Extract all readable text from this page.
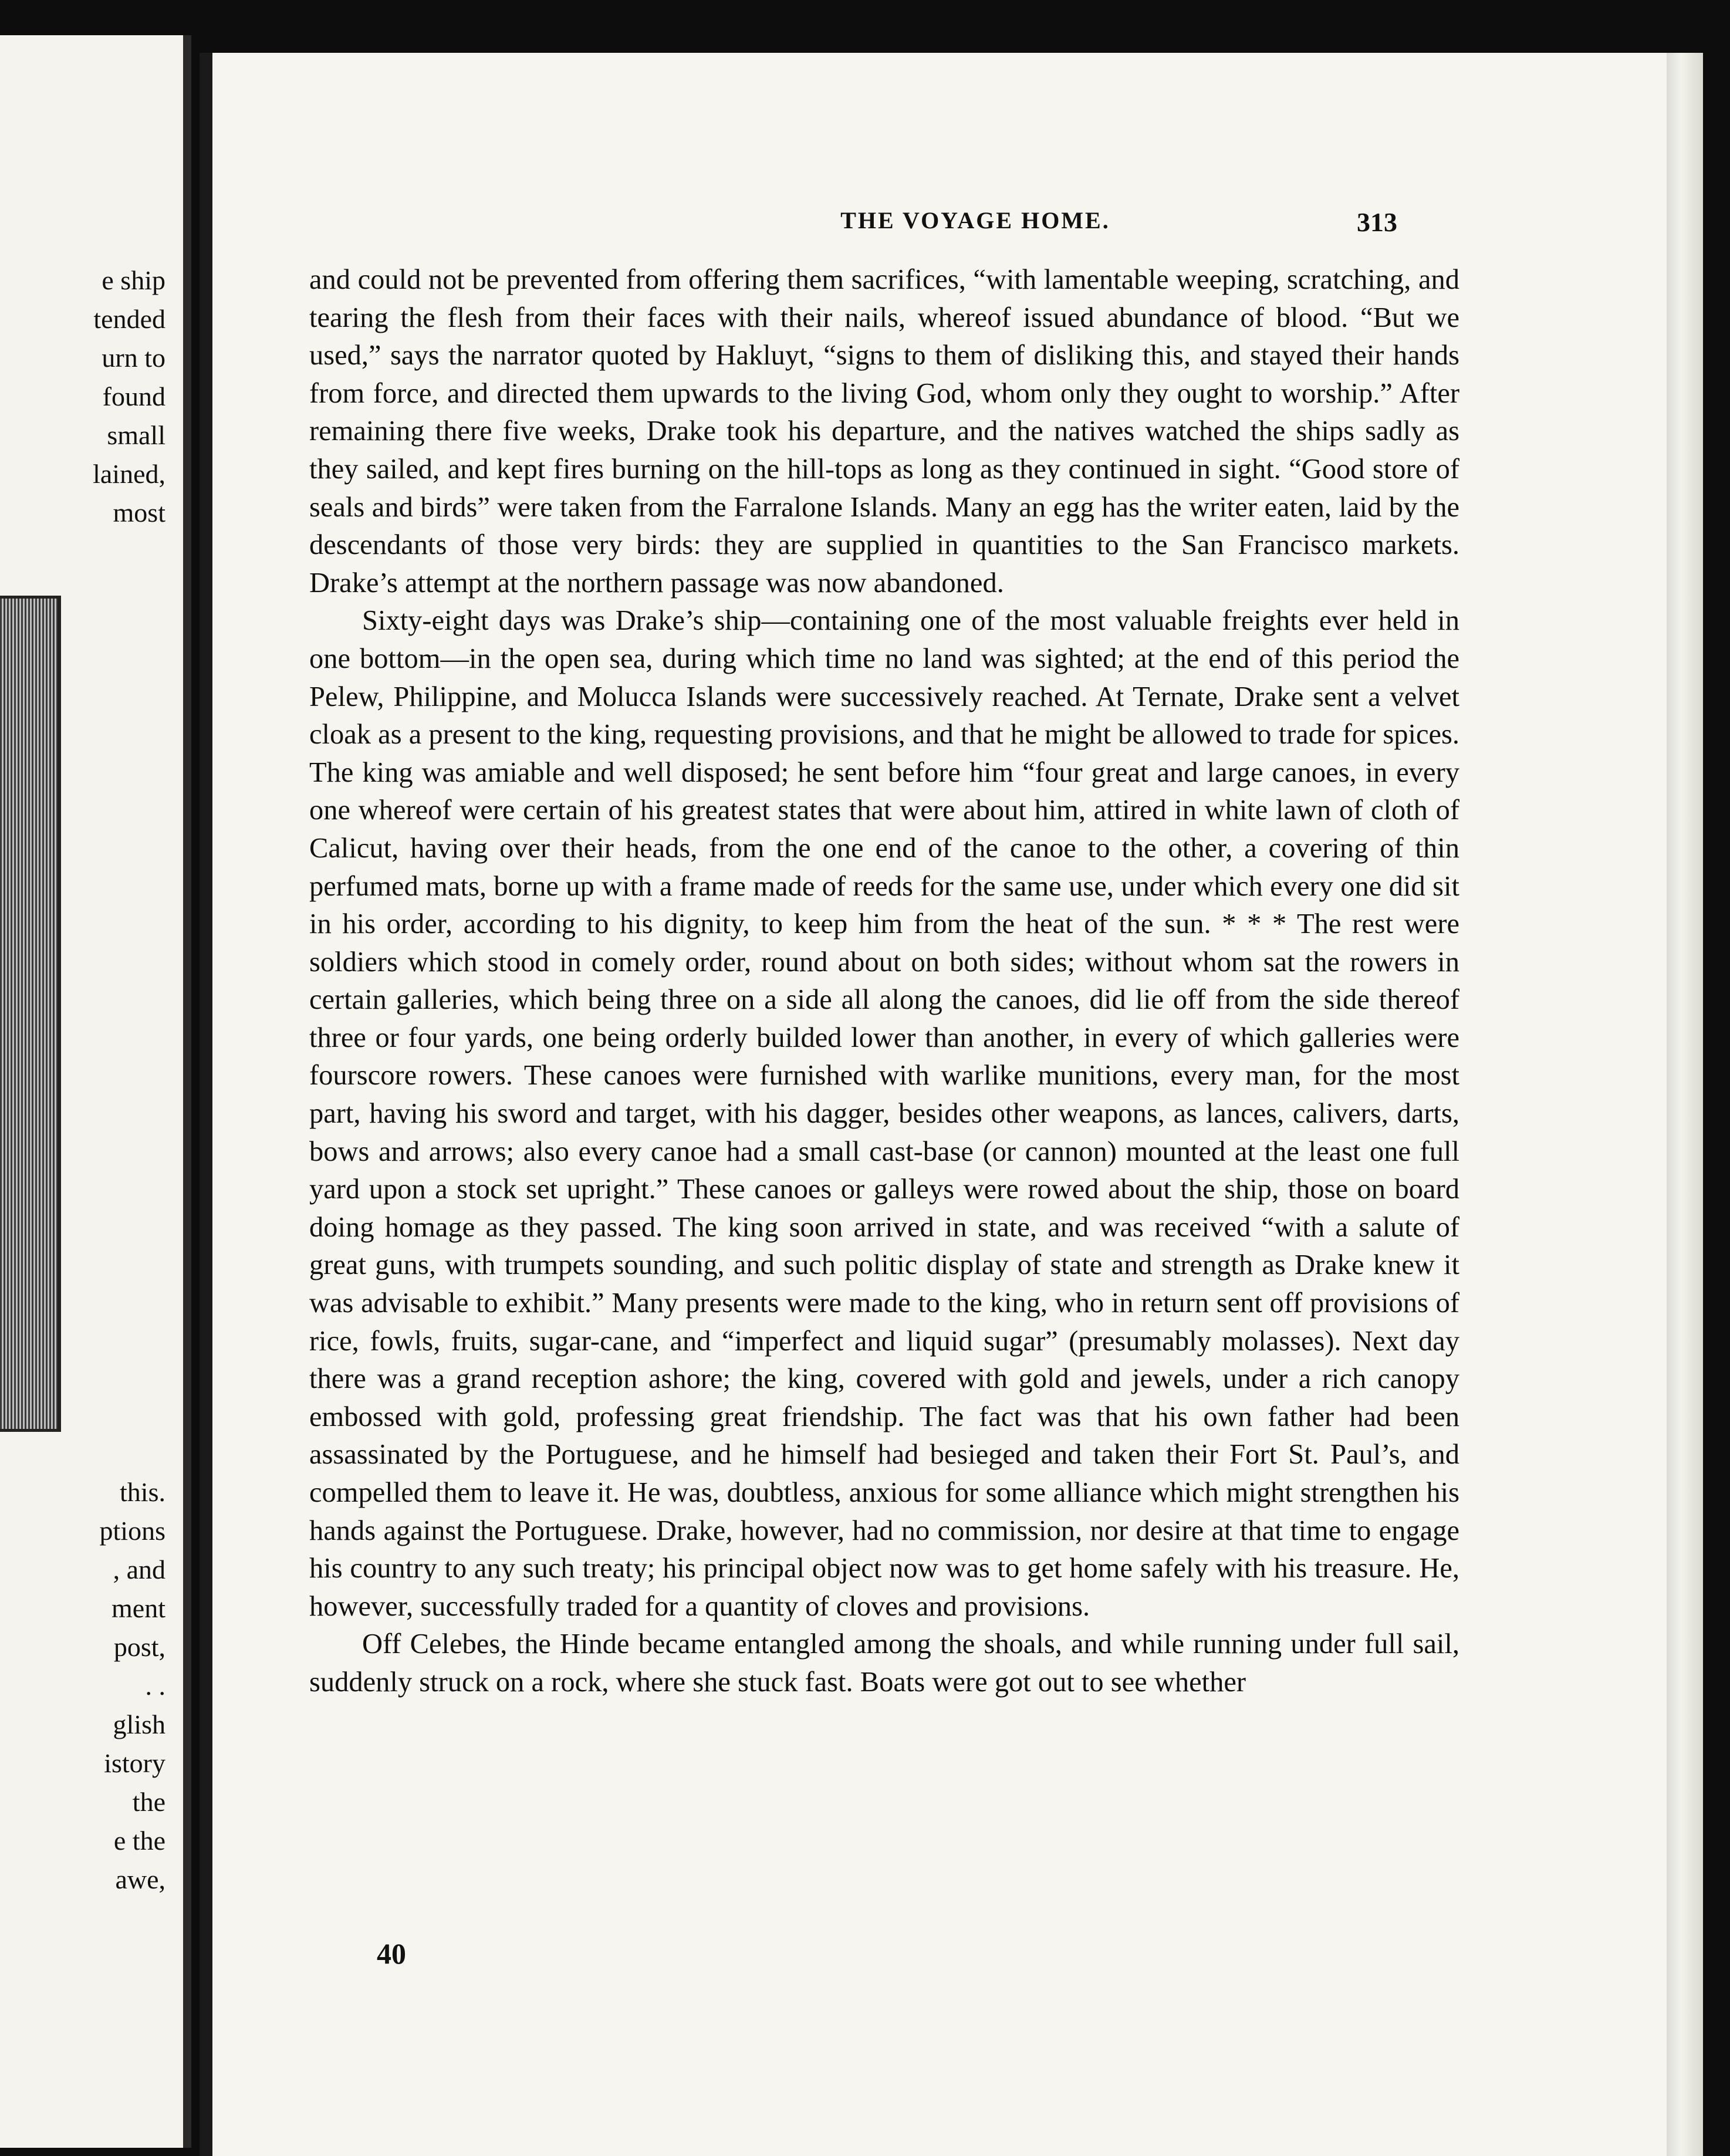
e ship
tended
urn to
found
small
lained,
most
this.
ptions
, and
ment
post,
. .
glish
istory
the
e the
awe,
THE VOYAGE HOME.	313

and could not be prevented from offering them sacrifices, “with lamentable weeping, scratching, and tearing the flesh from their faces with their nails, whereof issued abundance of blood. “But we used,” says the narrator quoted by Hakluyt, “signs to them of disliking this, and stayed their hands from force, and directed them upwards to the living God, whom only they ought to worship.” After remaining there five weeks, Drake took his departure, and the natives watched the ships sadly as they sailed, and kept fires burning on the hill-tops as long as they continued in sight. “Good store of seals and birds” were taken from the Farralone Islands. Many an egg has the writer eaten, laid by the descendants of those very birds: they are supplied in quantities to the San Francisco markets. Drake’s attempt at the northern passage was now abandoned.

Sixty-eight days was Drake’s ship—containing one of the most valuable freights ever held in one bottom—in the open sea, during which time no land was sighted; at the end of this period the Pelew, Philippine, and Molucca Islands were successively reached. At Ternate, Drake sent a velvet cloak as a present to the king, requesting provisions, and that he might be allowed to trade for spices. The king was amiable and well disposed; he sent before him “four great and large canoes, in every one whereof were certain of his greatest states that were about him, attired in white lawn of cloth of Calicut, having over their heads, from the one end of the canoe to the other, a covering of thin perfumed mats, borne up with a frame made of reeds for the same use, under which every one did sit in his order, according to his dignity, to keep him from the heat of the sun. * * * The rest were soldiers which stood in comely order, round about on both sides; without whom sat the rowers in certain galleries, which being three on a side all along the canoes, did lie off from the side thereof three or four yards, one being orderly builded lower than another, in every of which galleries were fourscore rowers. These canoes were furnished with warlike munitions, every man, for the most part, having his sword and target, with his dagger, besides other weapons, as lances, calivers, darts, bows and arrows; also every canoe had a small cast-base (or cannon) mounted at the least one full yard upon a stock set upright.” These canoes or galleys were rowed about the ship, those on board doing homage as they passed. The king soon arrived in state, and was received “with a salute of great guns, with trumpets sounding, and such politic display of state and strength as Drake knew it was advisable to exhibit.” Many presents were made to the king, who in return sent off provisions of rice, fowls, fruits, sugar-cane, and “imperfect and liquid sugar” (presumably molasses). Next day there was a grand reception ashore; the king, covered with gold and jewels, under a rich canopy embossed with gold, professing great friendship. The fact was that his own father had been assassinated by the Portuguese, and he himself had besieged and taken their Fort St. Paul’s, and compelled them to leave it. He was, doubtless, anxious for some alliance which might strengthen his hands against the Portuguese. Drake, however, had no commission, nor desire at that time to engage his country to any such treaty; his principal object now was to get home safely with his treasure. He, however, successfully traded for a quantity of cloves and provisions.

Off Celebes, the Hinde became entangled among the shoals, and while running under full sail, suddenly struck on a rock, where she stuck fast. Boats were got out to see whether

40
